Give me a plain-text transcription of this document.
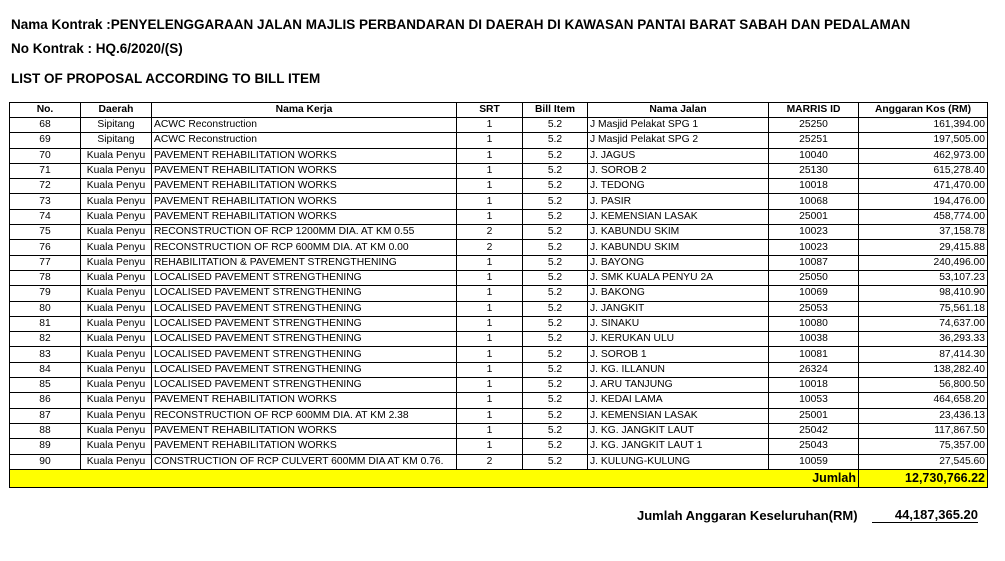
Nama Kontrak :PENYELENGGARAAN JALAN MAJLIS PERBANDARAN DI DAERAH DI KAWASAN PANTAI BARAT SABAH DAN PEDALAMAN
No Kontrak : HQ.6/2020/(S)
LIST OF PROPOSAL ACCORDING TO BILL ITEM
No.	Daerah	Nama Kerja	SRT	Bill Item	Nama Jalan	MARRIS ID	Anggaran Kos (RM)
68	Sipitang	ACWC Reconstruction	1	5.2	J Masjid Pelakat SPG 1	25250	161,394.00
69	Sipitang	ACWC Reconstruction	1	5.2	J Masjid Pelakat SPG 2	25251	197,505.00
70	Kuala Penyu	PAVEMENT REHABILITATION WORKS	1	5.2	J. JAGUS	10040	462,973.00
71	Kuala Penyu	PAVEMENT REHABILITATION WORKS	1	5.2	J. SOROB 2	25130	615,278.40
72	Kuala Penyu	PAVEMENT REHABILITATION WORKS	1	5.2	J. TEDONG	10018	471,470.00
73	Kuala Penyu	PAVEMENT REHABILITATION WORKS	1	5.2	J. PASIR	10068	194,476.00
74	Kuala Penyu	PAVEMENT REHABILITATION WORKS	1	5.2	J. KEMENSIAN LASAK	25001	458,774.00
75	Kuala Penyu	RECONSTRUCTION OF RCP 1200MM DIA. AT KM 0.55	2	5.2	J. KABUNDU SKIM	10023	37,158.78
76	Kuala Penyu	RECONSTRUCTION OF RCP 600MM DIA. AT KM 0.00	2	5.2	J. KABUNDU SKIM	10023	29,415.88
77	Kuala Penyu	REHABILITATION & PAVEMENT STRENGTHENING	1	5.2	J. BAYONG	10087	240,496.00
78	Kuala Penyu	LOCALISED PAVEMENT STRENGTHENING	1	5.2	J. SMK KUALA PENYU 2A	25050	53,107.23
79	Kuala Penyu	LOCALISED PAVEMENT STRENGTHENING	1	5.2	J. BAKONG	10069	98,410.90
80	Kuala Penyu	LOCALISED PAVEMENT STRENGTHENING	1	5.2	J. JANGKIT	25053	75,561.18
81	Kuala Penyu	LOCALISED PAVEMENT STRENGTHENING	1	5.2	J. SINAKU	10080	74,637.00
82	Kuala Penyu	LOCALISED PAVEMENT STRENGTHENING	1	5.2	J. KERUKAN ULU	10038	36,293.33
83	Kuala Penyu	LOCALISED PAVEMENT STRENGTHENING	1	5.2	J. SOROB 1	10081	87,414.30
84	Kuala Penyu	LOCALISED PAVEMENT STRENGTHENING	1	5.2	J. KG. ILLANUN	26324	138,282.40
85	Kuala Penyu	LOCALISED PAVEMENT STRENGTHENING	1	5.2	J. ARU TANJUNG	10018	56,800.50
86	Kuala Penyu	PAVEMENT REHABILITATION WORKS	1	5.2	J. KEDAI LAMA	10053	464,658.20
87	Kuala Penyu	RECONSTRUCTION OF RCP 600MM DIA. AT KM 2.38	1	5.2	J. KEMENSIAN LASAK	25001	23,436.13
88	Kuala Penyu	PAVEMENT REHABILITATION WORKS	1	5.2	J. KG. JANGKIT LAUT	25042	117,867.50
89	Kuala Penyu	PAVEMENT REHABILITATION WORKS	1	5.2	J. KG. JANGKIT LAUT 1	25043	75,357.00
90	Kuala Penyu	CONSTRUCTION OF RCP CULVERT 600MM DIA AT KM 0.76.	2	5.2	J. KULUNG-KULUNG	10059	27,545.60
						Jumlah	12,730,766.22
Jumlah Anggaran Keseluruhan(RM)	44,187,365.20
